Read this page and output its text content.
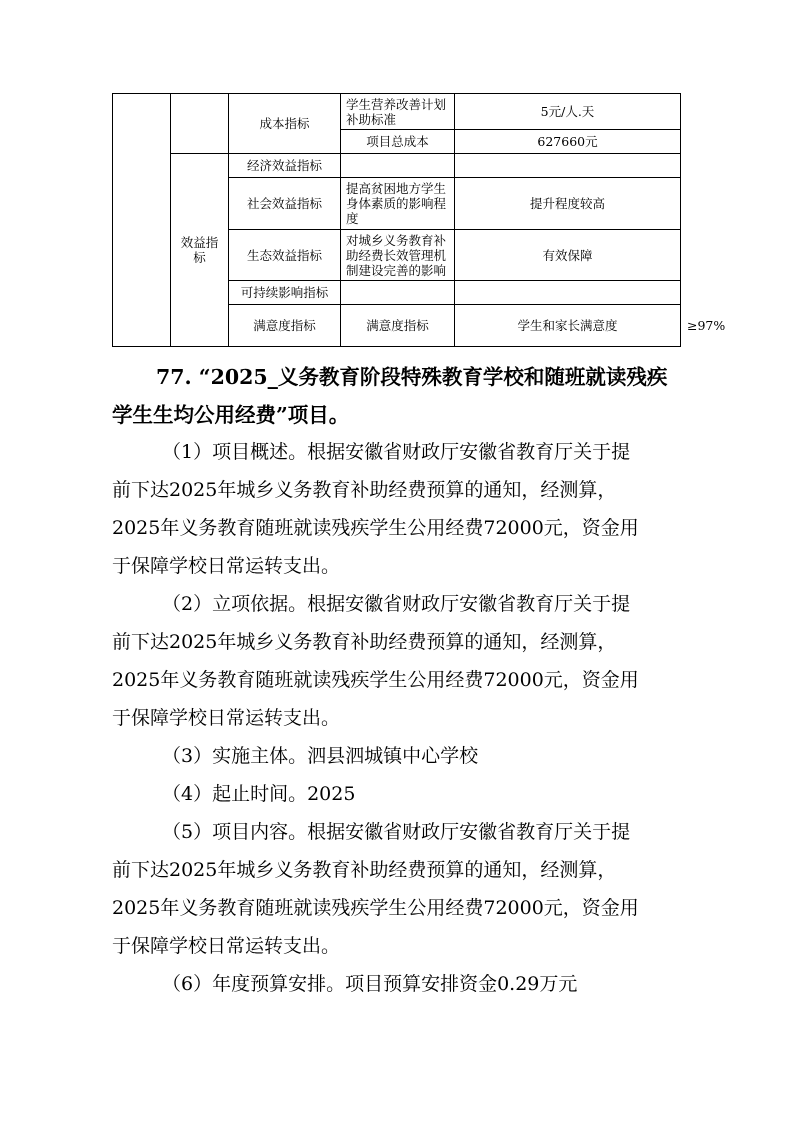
		成本指标	学生营养改善计划补助标准	5元/人.天	
			项目总成本	627660元	
	效益指标	经济效益指标			
		社会效益指标	提高贫困地方学生身体素质的影响程度	提升程度较高	
		生态效益指标	对城乡义务教育补助经费长效管理机制建设完善的影响	有效保障	
		可持续影响指标			
		满意度指标	满意度指标	学生和家长满意度	≥97%
77. “2025_义务教育阶段特殊教育学校和随班就读残疾
学生生均公用经费”项目。
（1）项目概述。根据安徽省财政厅安徽省教育厅关于提
前下达2025年城乡义务教育补助经费预算的通知，经测算，
2025年义务教育随班就读残疾学生公用经费72000元，资金用
于保障学校日常运转支出。
（2）立项依据。根据安徽省财政厅安徽省教育厅关于提
前下达2025年城乡义务教育补助经费预算的通知，经测算，
2025年义务教育随班就读残疾学生公用经费72000元，资金用
于保障学校日常运转支出。
（3）实施主体。泗县泗城镇中心学校
（4）起止时间。2025
（5）项目内容。根据安徽省财政厅安徽省教育厅关于提
前下达2025年城乡义务教育补助经费预算的通知，经测算，
2025年义务教育随班就读残疾学生公用经费72000元，资金用
于保障学校日常运转支出。
（6）年度预算安排。项目预算安排资金0.29万元
